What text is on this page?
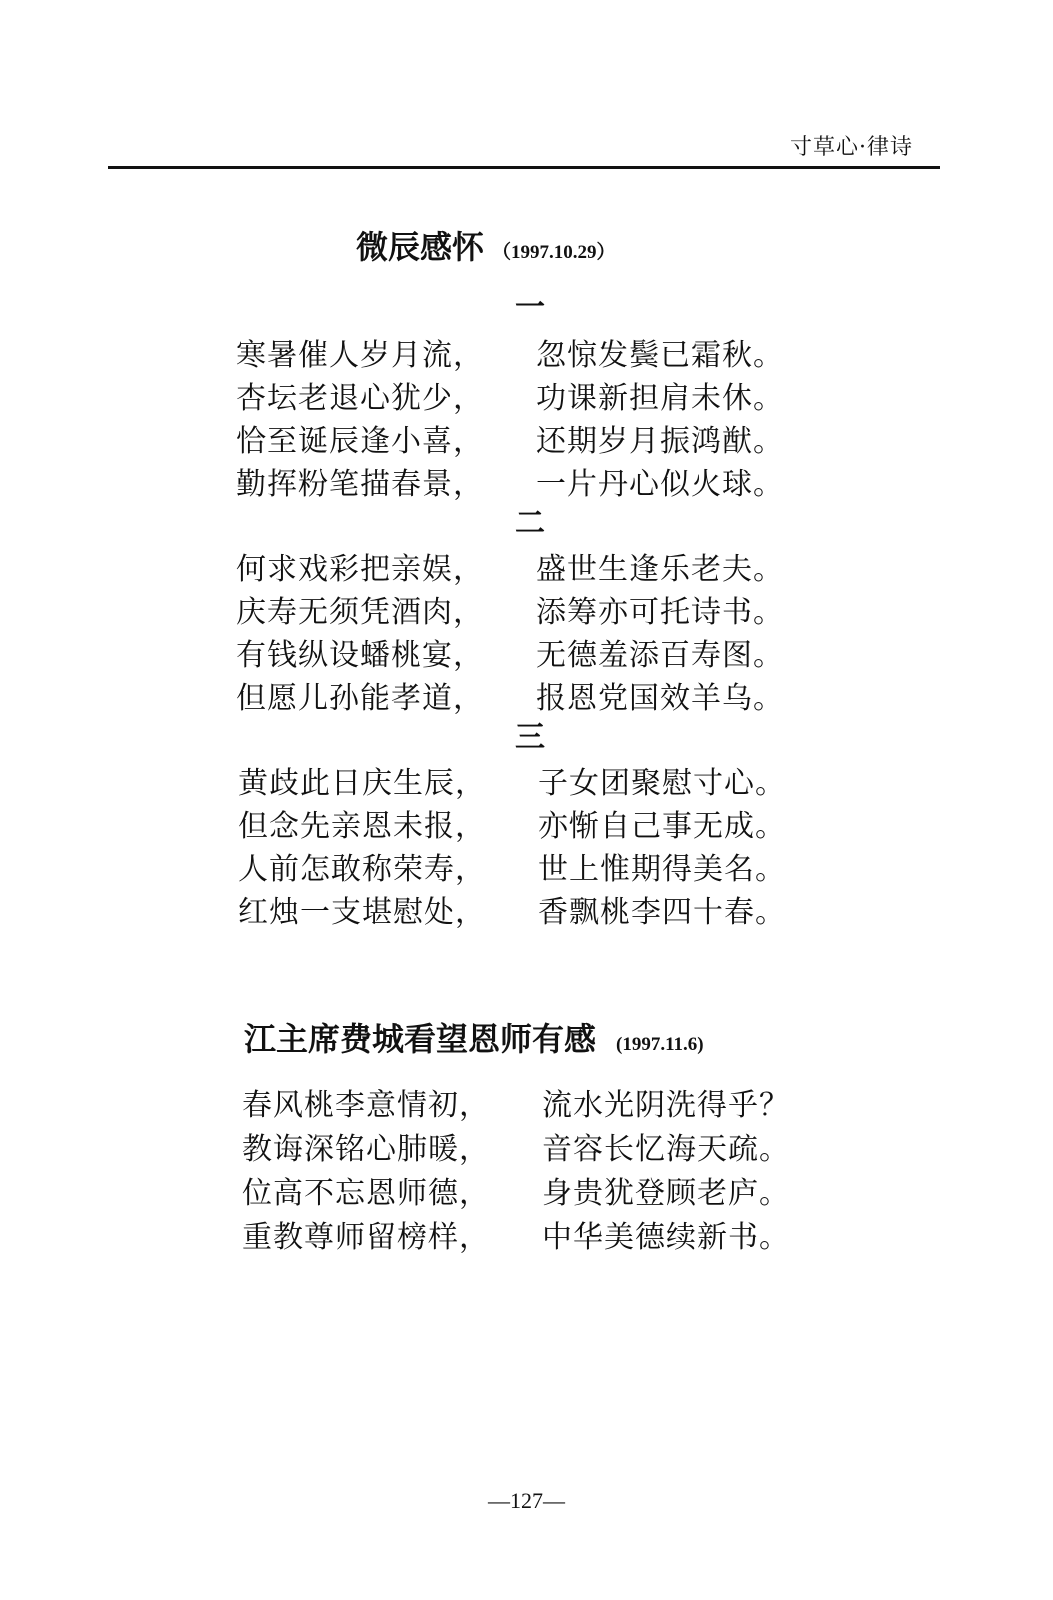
寸草心·律诗
微辰感怀 （1997.10.29）
一
寒暑催人岁月流， 忽惊发鬓已霜秋。
杏坛老退心犹少， 功课新担肩未休。
恰至诞辰逢小喜， 还期岁月振鸿猷。
勤挥粉笔描春景， 一片丹心似火球。
二
何求戏彩把亲娱， 盛世生逢乐老夫。
庆寿无须凭酒肉， 添筹亦可托诗书。
有钱纵设蟠桃宴， 无德羞添百寿图。
但愿儿孙能孝道， 报恩党国效羊乌。
三
黄歧此日庆生辰， 子女团聚慰寸心。
但念先亲恩未报， 亦惭自己事无成。
人前怎敢称荣寿， 世上惟期得美名。
红烛一支堪慰处， 香飘桃李四十春。
江主席费城看望恩师有感 (1997.11.6)
春风桃李意情初， 流水光阴洗得乎？
教诲深铭心肺暖， 音容长忆海天疏。
位高不忘恩师德， 身贵犹登顾老庐。
重教尊师留榜样， 中华美德续新书。
—127—
